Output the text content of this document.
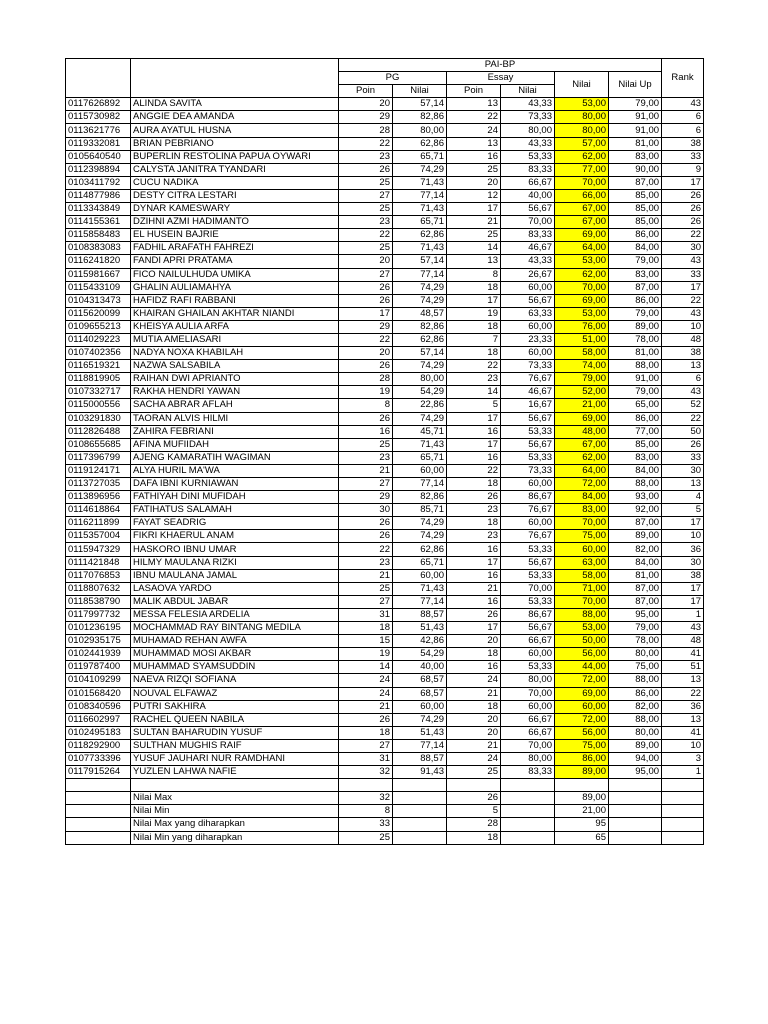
		PAI-BP						Rank
		PG		Essay		Nilai	Nilai Up	
		Poin	Nilai	Poin	Nilai			
0117626892	ALINDA SAVITA	20	57,14	13	43,33	53,00	79,00	43
0115730982	ANGGIE DEA AMANDA	29	82,86	22	73,33	80,00	91,00	6
0113621776	AURA AYATUL HUSNA	28	80,00	24	80,00	80,00	91,00	6
0119332081	BRIAN PEBRIANO	22	62,86	13	43,33	57,00	81,00	38
0105640540	BUPERLIN RESTOLINA PAPUA OYWARI	23	65,71	16	53,33	62,00	83,00	33
0112398894	CALYSTA JANITRA TYANDARI	26	74,29	25	83,33	77,00	90,00	9
0103411792	CUCU NADIKA	25	71,43	20	66,67	70,00	87,00	17
0114877986	DESTY CITRA LESTARI	27	77,14	12	40,00	66,00	85,00	26
0113343849	DYNAR KAMESWARY	25	71,43	17	56,67	67,00	85,00	26
0114155361	DZIHNI AZMI HADIMANTO	23	65,71	21	70,00	67,00	85,00	26
0115858483	EL HUSEIN BAJRIE	22	62,86	25	83,33	69,00	86,00	22
0108383083	FADHIL ARAFATH FAHREZI	25	71,43	14	46,67	64,00	84,00	30
0116241820	FANDI APRI PRATAMA	20	57,14	13	43,33	53,00	79,00	43
0115981667	FICO NAILULHUDA UMIKA	27	77,14	8	26,67	62,00	83,00	33
0115433109	GHALIN AULIAMAHYA	26	74,29	18	60,00	70,00	87,00	17
0104313473	HAFIDZ RAFI RABBANI	26	74,29	17	56,67	69,00	86,00	22
0115620099	KHAIRAN GHAILAN AKHTAR NIANDI	17	48,57	19	63,33	53,00	79,00	43
0109655213	KHEISYA AULIA ARFA	29	82,86	18	60,00	76,00	89,00	10
0114029223	MUTIA AMELIASARI	22	62,86	7	23,33	51,00	78,00	48
0107402356	NADYA NOXA KHABILAH	20	57,14	18	60,00	58,00	81,00	38
0116519321	NAZWA SALSABILA	26	74,29	22	73,33	74,00	88,00	13
0118819905	RAIHAN DWI APRIANTO	28	80,00	23	76,67	79,00	91,00	6
0107332717	RAKHA HENDRI YAWAN	19	54,29	14	46,67	52,00	79,00	43
0115000556	SACHA ABRAR AFLAH	8	22,86	5	16,67	21,00	65,00	52
0103291830	TAORAN ALVIS HILMI	26	74,29	17	56,67	69,00	86,00	22
0112826488	ZAHIRA FEBRIANI	16	45,71	16	53,33	48,00	77,00	50
0108655685	AFINA MUFIIDAH	25	71,43	17	56,67	67,00	85,00	26
0117396799	AJENG KAMARATIH WAGIMAN	23	65,71	16	53,33	62,00	83,00	33
0119124171	ALYA HURIL MA'WA	21	60,00	22	73,33	64,00	84,00	30
0113727035	DAFA IBNI KURNIAWAN	27	77,14	18	60,00	72,00	88,00	13
0113896956	FATHIYAH DINI MUFIDAH	29	82,86	26	86,67	84,00	93,00	4
0114618864	FATIHATUS SALAMAH	30	85,71	23	76,67	83,00	92,00	5
0116211899	FAYAT SEADRIG	26	74,29	18	60,00	70,00	87,00	17
0115357004	FIKRI KHAERUL ANAM	26	74,29	23	76,67	75,00	89,00	10
0115947329	HASKORO IBNU UMAR	22	62,86	16	53,33	60,00	82,00	36
0111421848	HILMY MAULANA RIZKI	23	65,71	17	56,67	63,00	84,00	30
0117076853	IBNU MAULANA JAMAL	21	60,00	16	53,33	58,00	81,00	38
0118807632	LASAOVA YARDO	25	71,43	21	70,00	71,00	87,00	17
0118538790	MALIK ABDUL JABAR	27	77,14	16	53,33	70,00	87,00	17
0117997732	MESSA FELESIA ARDELIA	31	88,57	26	86,67	88,00	95,00	1
0101236195	MOCHAMMAD RAY BINTANG MEDILA	18	51,43	17	56,67	53,00	79,00	43
0102935175	MUHAMAD REHAN AWFA	15	42,86	20	66,67	50,00	78,00	48
0102441939	MUHAMMAD MOSI AKBAR	19	54,29	18	60,00	56,00	80,00	41
0119787400	MUHAMMAD SYAMSUDDIN	14	40,00	16	53,33	44,00	75,00	51
0104109299	NAEVA RIZQI SOFIANA	24	68,57	24	80,00	72,00	88,00	13
0101568420	NOUVAL ELFAWAZ	24	68,57	21	70,00	69,00	86,00	22
0108340596	PUTRI SAKHIRA	21	60,00	18	60,00	60,00	82,00	36
0116602997	RACHEL QUEEN NABILA	26	74,29	20	66,67	72,00	88,00	13
0102495183	SULTAN BAHARUDIN YUSUF	18	51,43	20	66,67	56,00	80,00	41
0118292900	SULTHAN MUGHIS RAIF	27	77,14	21	70,00	75,00	89,00	10
0107733396	YUSUF JAUHARI NUR RAMDHANI	31	88,57	24	80,00	86,00	94,00	3
0117915264	YUZLEN LAHWA NAFIE	32	91,43	25	83,33	89,00	95,00	1

	Nilai Max	32		26		89,00		
	Nilai Min	8		5		21,00		
	Nilai Max yang diharapkan	33		28		95		
	Nilai Min yang diharapkan	25		18		65		
